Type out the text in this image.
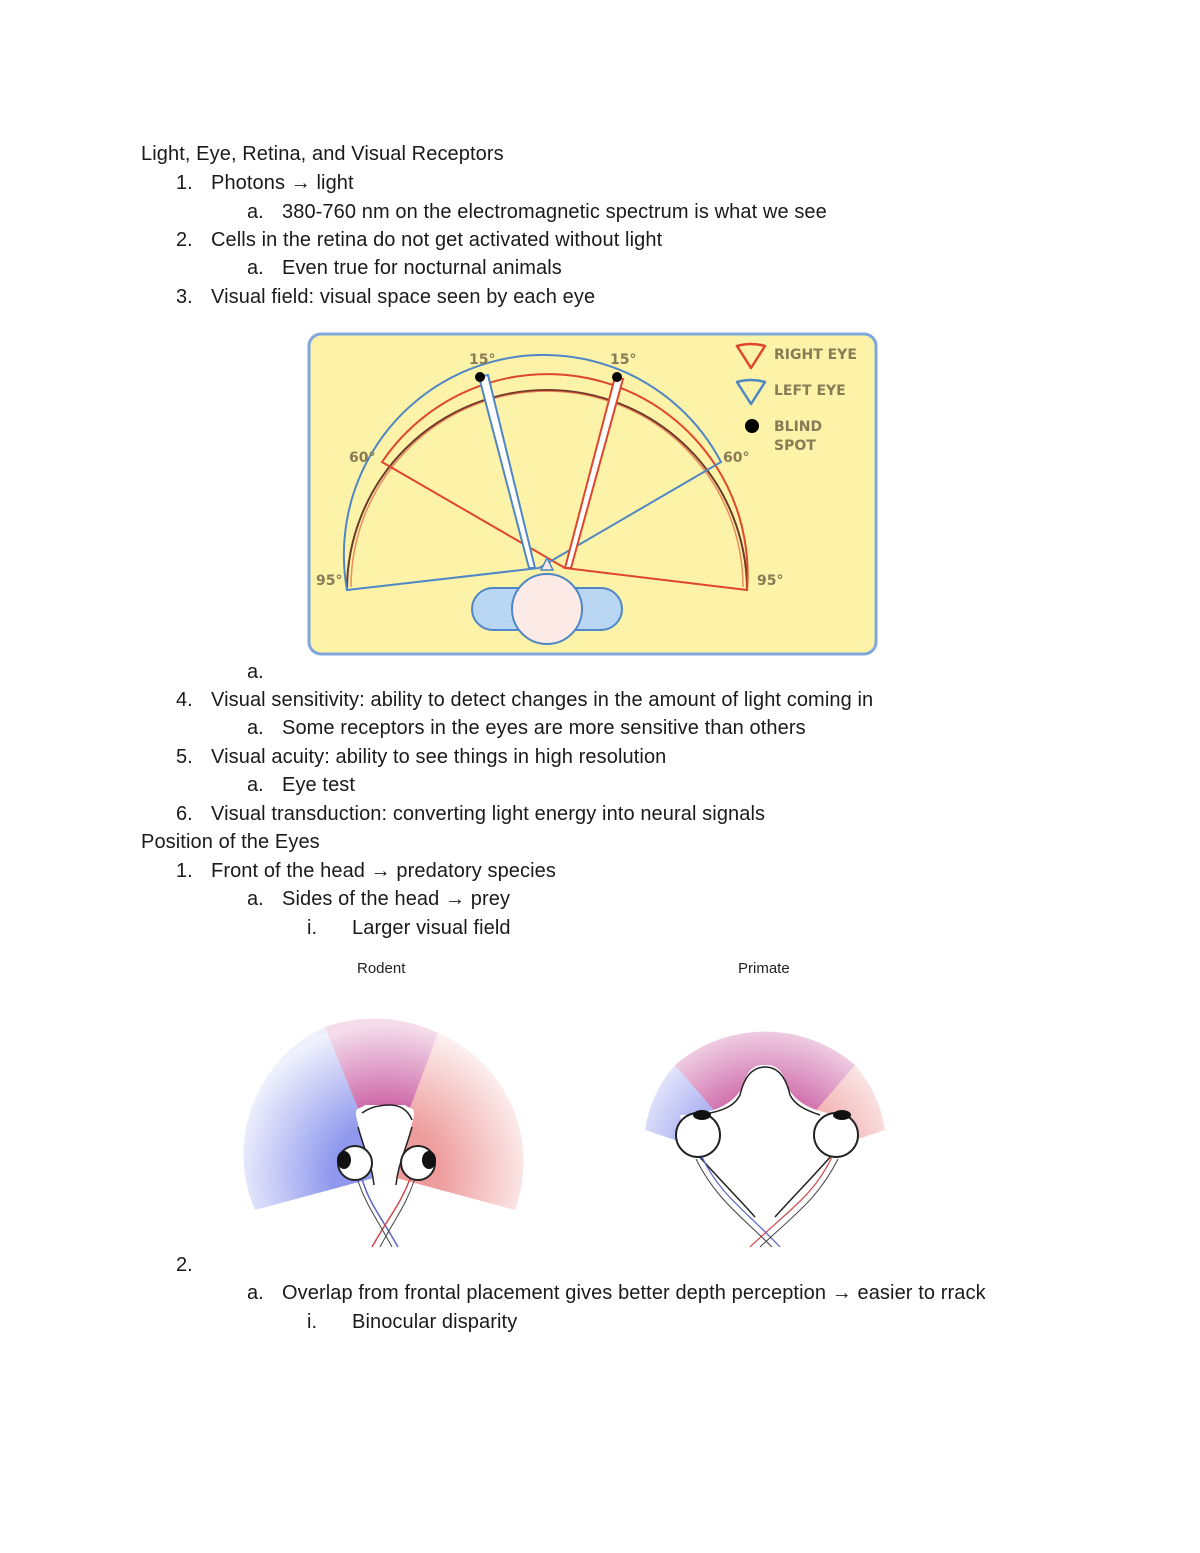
Light, Eye, Retina, and Visual Receptors
1. Photons → light
a. 380-760 nm on the electromagnetic spectrum is what we see
2. Cells in the retina do not get activated without light
a. Even true for nocturnal animals
3. Visual field: visual space seen by each eye
15°	15°
60°	60°
95°	95°
RIGHT EYE
LEFT EYE
BLIND
SPOT
a.
4. Visual sensitivity: ability to detect changes in the amount of light coming in
a. Some receptors in the eyes are more sensitive than others
5. Visual acuity: ability to see things in high resolution
a. Eye test
6. Visual transduction: converting light energy into neural signals
Position of the Eyes
1. Front of the head → predatory species
a. Sides of the head → prey
i. Larger visual field
Rodent	Primate
2.
a. Overlap from frontal placement gives better depth perception → easier to rrack
i. Binocular disparity
